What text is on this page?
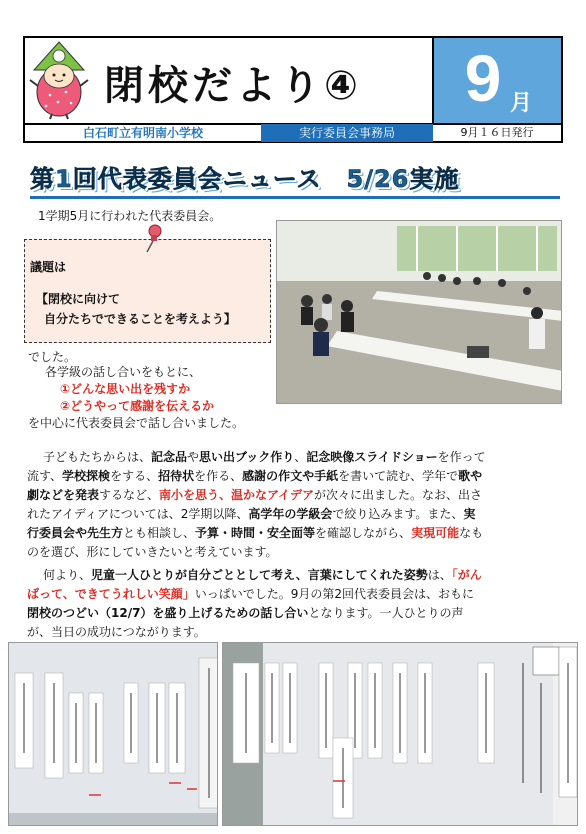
閉校だより④	9 月
白石町立有明南小学校	実行委員会事務局	9月１６日発行
第1回代表委員会ニュース　5/26実施
1学期5月に行われた代表委員会。
議題は
【閉校に向けて
自分たちでできることを考えよう】
でした。
各学級の話し合いをもとに、
①どんな思い出を残すか
②どうやって感謝を伝えるか
を中心に代表委員会で話し合いました。
子どもたちからは、記念品や思い出ブック作り、記念映像スライドショーを作って
流す、学校探検をする、招待状を作る、感謝の作文や手紙を書いて読む、学年で歌や
劇などを発表するなど、南小を思う、温かなアイデアが次々に出ました。なお、出さ
れたアイディアについては、2学期以降、高学年の学級会で絞り込みます。また、実
行委員会や先生方とも相談し、予算・時間・安全面等を確認しながら、実現可能なも
のを選び、形にしていきたいと考えています。
何より、児童一人ひとりが自分ごととして考え、言葉にしてくれた姿勢は、「がん
ばって、できてうれしい笑顔」いっぱいでした。9月の第2回代表委員会は、おもに
閉校のつどい（12/7）を盛り上げるための話し合いとなります。一人ひとりの声
が、当日の成功につながります。
